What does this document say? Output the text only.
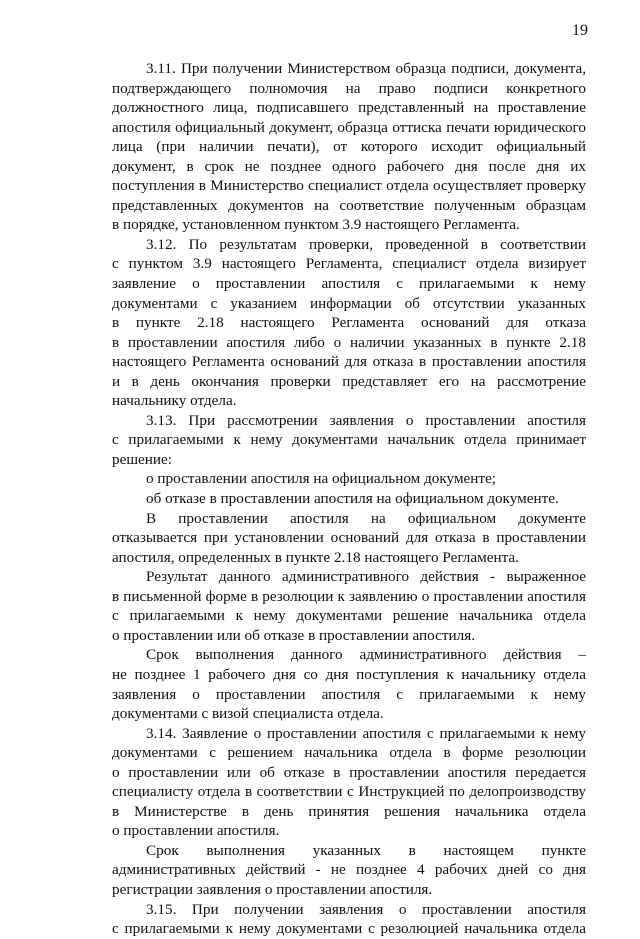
19

3.11. При получении Министерством образца подписи, документа,

подтверждающего полномочия на право подписи конкретного

должностного лица, подписавшего представленный на проставление

апостиля официальный документ, образца оттиска печати юридического

лица (при наличии печати), от которого исходит официальный

документ, в срок не позднее одного рабочего дня после дня их

поступления в Министерство специалист отдела осуществляет проверку

представленных документов на соответствие полученным образцам

в порядке, установленном пунктом 3.9 настоящего Регламента.

3.12. По результатам проверки, проведенной в соответствии

с пунктом 3.9 настоящего Регламента, специалист отдела визирует

заявление о проставлении апостиля с прилагаемыми к нему

документами с указанием информации об отсутствии указанных

в пункте 2.18 настоящего Регламента оснований для отказа

в проставлении апостиля либо о наличии указанных в пункте 2.18

настоящего Регламента оснований для отказа в проставлении апостиля

и в день окончания проверки представляет его на рассмотрение

начальнику отдела.

3.13. При рассмотрении заявления о проставлении апостиля

с прилагаемыми к нему документами начальник отдела принимает

решение:

о проставлении апостиля на официальном документе;

об отказе в проставлении апостиля на официальном документе.

В проставлении апостиля на официальном документе

отказывается при установлении оснований для отказа в проставлении

апостиля, определенных в пункте 2.18 настоящего Регламента.

Результат данного административного действия - выраженное

в письменной форме в резолюции к заявлению о проставлении апостиля

с прилагаемыми к нему документами решение начальника отдела

о проставлении или об отказе в проставлении апостиля.

Срок выполнения данного административного действия –

не позднее 1 рабочего дня со дня поступления к начальнику отдела

заявления о проставлении апостиля с прилагаемыми к нему

документами с визой специалиста отдела.

3.14. Заявление о проставлении апостиля с прилагаемыми к нему

документами с решением начальника отдела в форме резолюции

о проставлении или об отказе в проставлении апостиля передается

специалисту отдела в соответствии с Инструкцией по делопроизводству

в Министерстве в день принятия решения начальника отдела

о проставлении апостиля.

Срок выполнения указанных в настоящем пункте

административных действий - не позднее 4 рабочих дней со дня

регистрации заявления о проставлении апостиля.

3.15. При получении заявления о проставлении апостиля

с прилагаемыми к нему документами с резолюцией начальника отдела
